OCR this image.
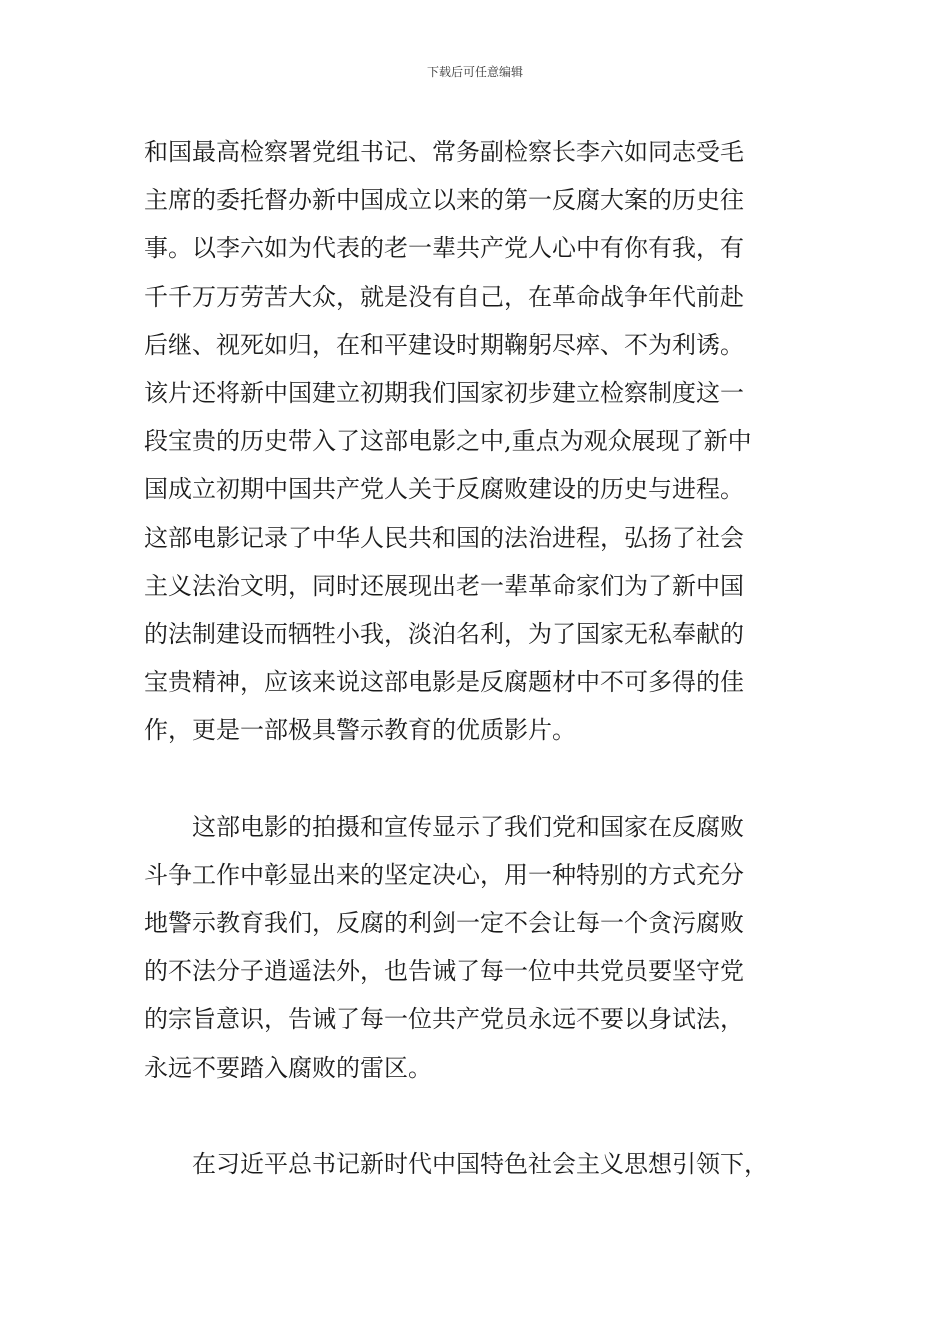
下载后可任意编辑
和国最高检察署党组书记、常务副检察长李六如同志受毛
主席的委托督办新中国成立以来的第一反腐大案的历史往
事。以李六如为代表的老一辈共产党人心中有你有我，有
千千万万劳苦大众，就是没有自己，在革命战争年代前赴
后继、视死如归，在和平建设时期鞠躬尽瘁、不为利诱。
该片还将新中国建立初期我们国家初步建立检察制度这一
段宝贵的历史带入了这部电影之中,重点为观众展现了新中
国成立初期中国共产党人关于反腐败建设的历史与进程。
这部电影记录了中华人民共和国的法治进程，弘扬了社会
主义法治文明，同时还展现出老一辈革命家们为了新中国
的法制建设而牺牲小我，淡泊名利，为了国家无私奉献的
宝贵精神，应该来说这部电影是反腐题材中不可多得的佳
作，更是一部极具警示教育的优质影片。
　　这部电影的拍摄和宣传显示了我们党和国家在反腐败
斗争工作中彰显出来的坚定决心，用一种特别的方式充分
地警示教育我们，反腐的利剑一定不会让每一个贪污腐败
的不法分子逍遥法外，也告诫了每一位中共党员要坚守党
的宗旨意识，告诫了每一位共产党员永远不要以身试法，
永远不要踏入腐败的雷区。
　　在习近平总书记新时代中国特色社会主义思想引领下，
